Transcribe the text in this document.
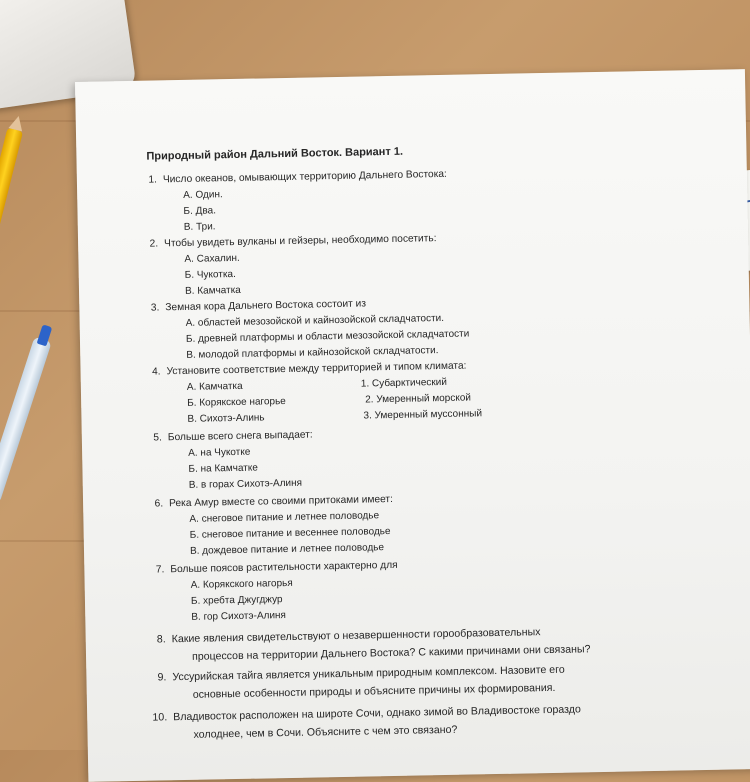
Природный район Дальний Восток. Вариант 1.
1. Число океанов, омывающих территорию Дальнего Востока:
А. Один.
Б. Два.
В. Три.
2. Чтобы увидеть вулканы и гейзеры, необходимо посетить:
А. Сахалин.
Б. Чукотка.
В. Камчатка
3. Земная кора Дальнего Востока состоит из
А. областей мезозойской и кайнозойской складчатости.
Б. древней платформы и области мезозойской складчатости
В. молодой платформы и кайнозойской складчатости.
4. Установите соответствие между территорией и типом климата:
А. Камчатка
Б. Корякское нагорье
В. Сихотэ-Алинь
1. Субарктический
2. Умеренный морской
3. Умеренный муссонный
5. Больше всего снега выпадает:
А. на Чукотке
Б. на Камчатке
В. в горах Сихотэ-Алиня
6. Река Амур вместе со своими притоками имеет:
А. снеговое питание и летнее половодье
Б. снеговое питание и весеннее половодье
В. дождевое питание и летнее половодье
7. Больше поясов растительности характерно для
А. Корякского нагорья
Б. хребта Джугджур
В. гор Сихотэ-Алиня
8. Какие явления свидетельствуют о незавершенности горообразовательных
процессов на территории Дальнего Востока? С какими причинами они связаны?
9. Уссурийская тайга является уникальным природным комплексом. Назовите его
основные особенности природы и объясните причины их формирования.
10. Владивосток расположен на широте Сочи, однако зимой во Владивостоке гораздо
холоднее, чем в Сочи. Объясните с чем это связано?
